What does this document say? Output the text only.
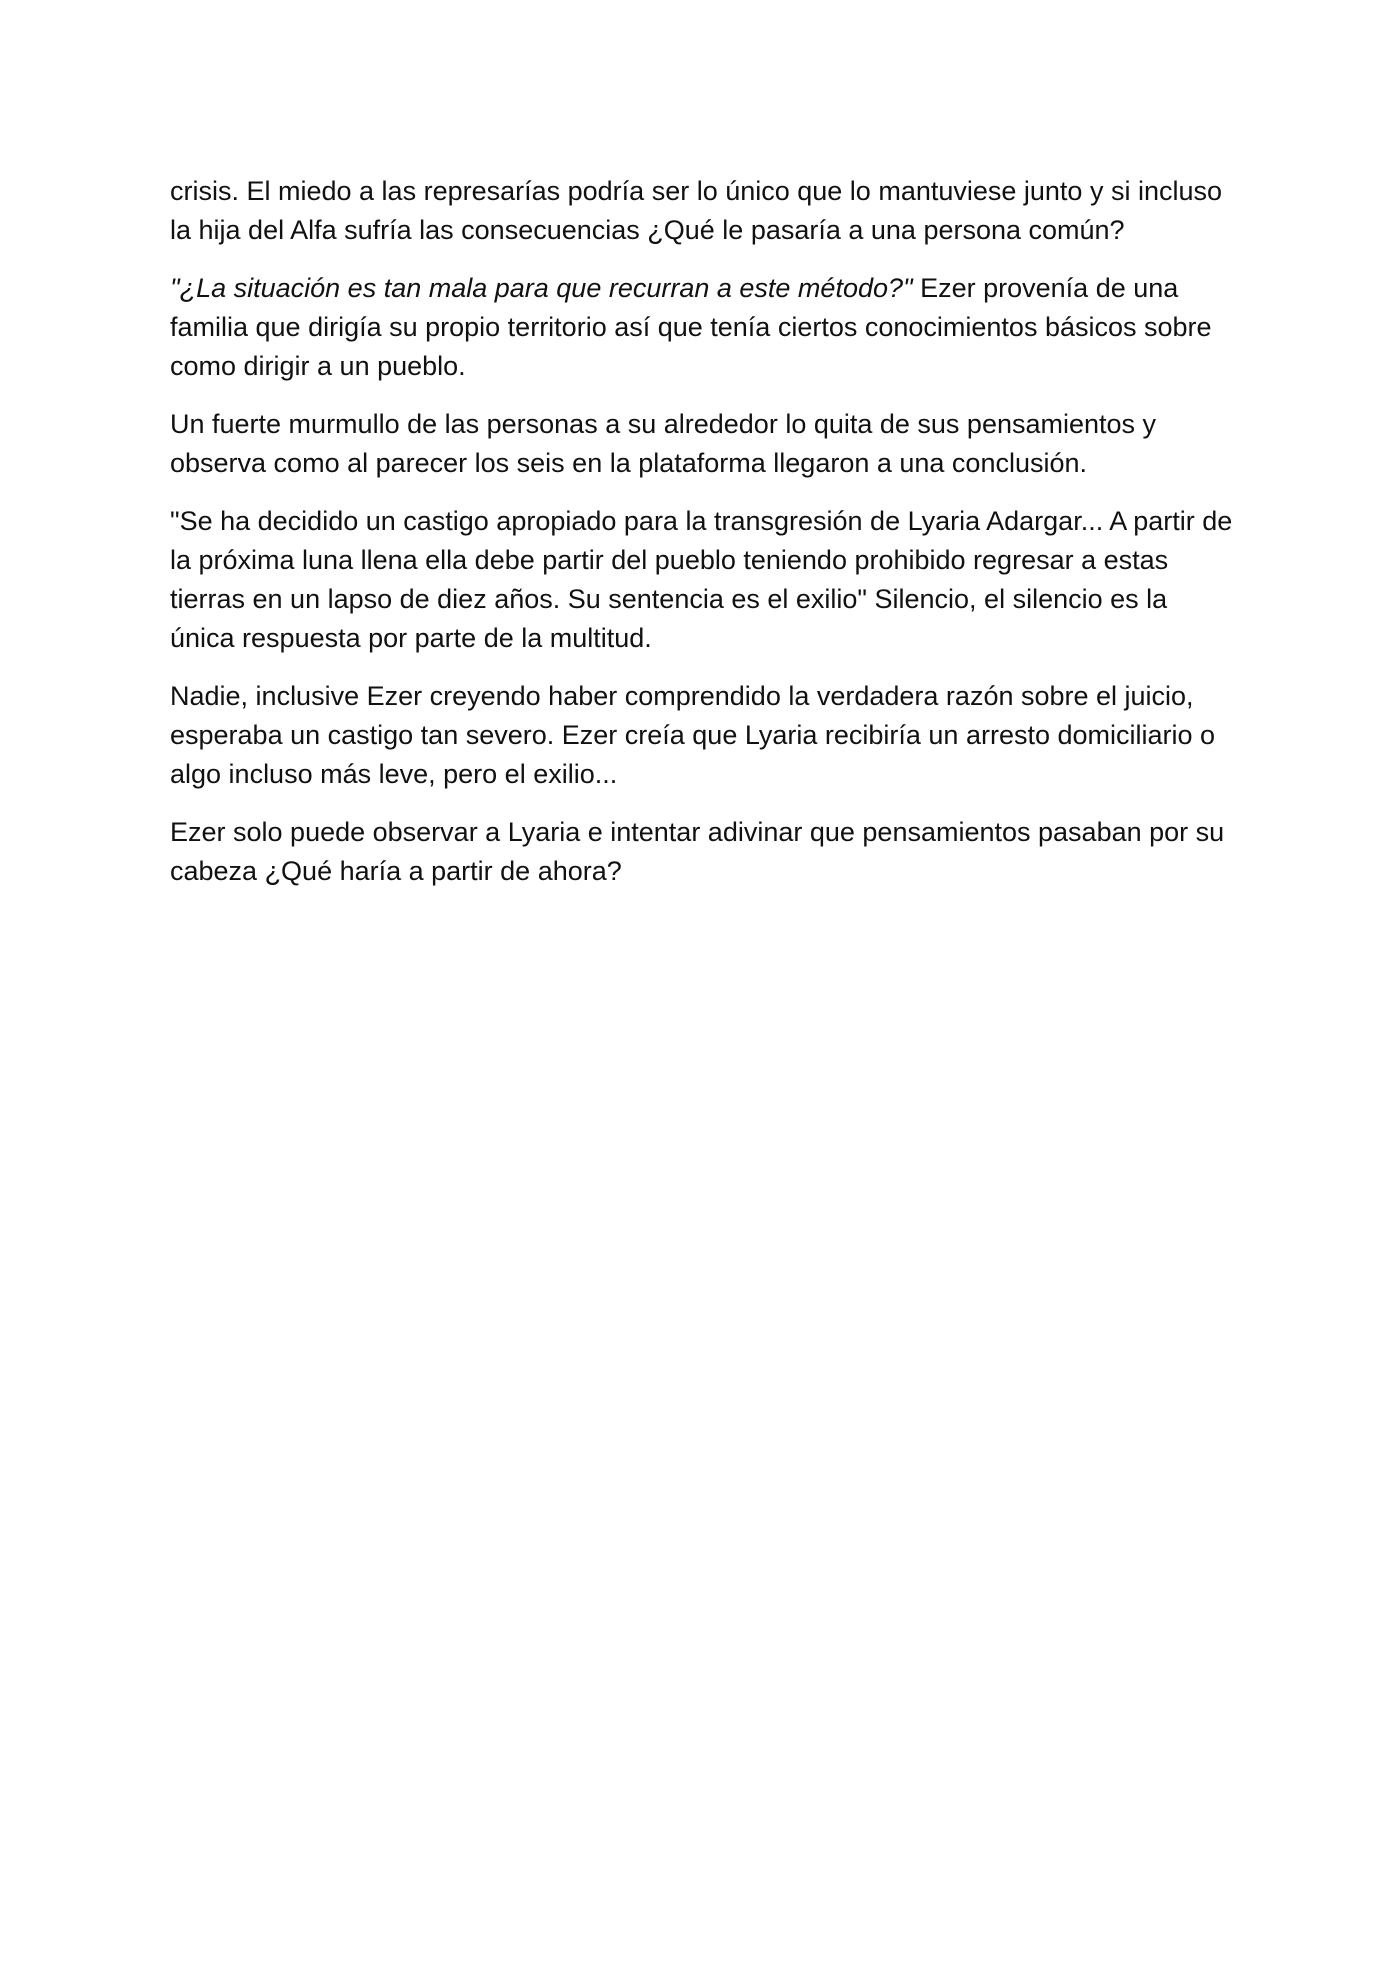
crisis. El miedo a las represarías podría ser lo único que lo mantuviese junto y si incluso la hija del Alfa sufría las consecuencias ¿Qué le pasaría a una persona común?

"¿La situación es tan mala para que recurran a este método?" Ezer provenía de una familia que dirigía su propio territorio así que tenía ciertos conocimientos básicos sobre como dirigir a un pueblo.

Un fuerte murmullo de las personas a su alrededor lo quita de sus pensamientos y observa como al parecer los seis en la plataforma llegaron a una conclusión.

"Se ha decidido un castigo apropiado para la transgresión de Lyaria Adargar... A partir de la próxima luna llena ella debe partir del pueblo teniendo prohibido regresar a estas tierras en un lapso de diez años. Su sentencia es el exilio" Silencio, el silencio es la única respuesta por parte de la multitud.

Nadie, inclusive Ezer creyendo haber comprendido la verdadera razón sobre el juicio, esperaba un castigo tan severo. Ezer creía que Lyaria recibiría un arresto domiciliario o algo incluso más leve, pero el exilio...

Ezer solo puede observar a Lyaria e intentar adivinar que pensamientos pasaban por su cabeza ¿Qué haría a partir de ahora?
